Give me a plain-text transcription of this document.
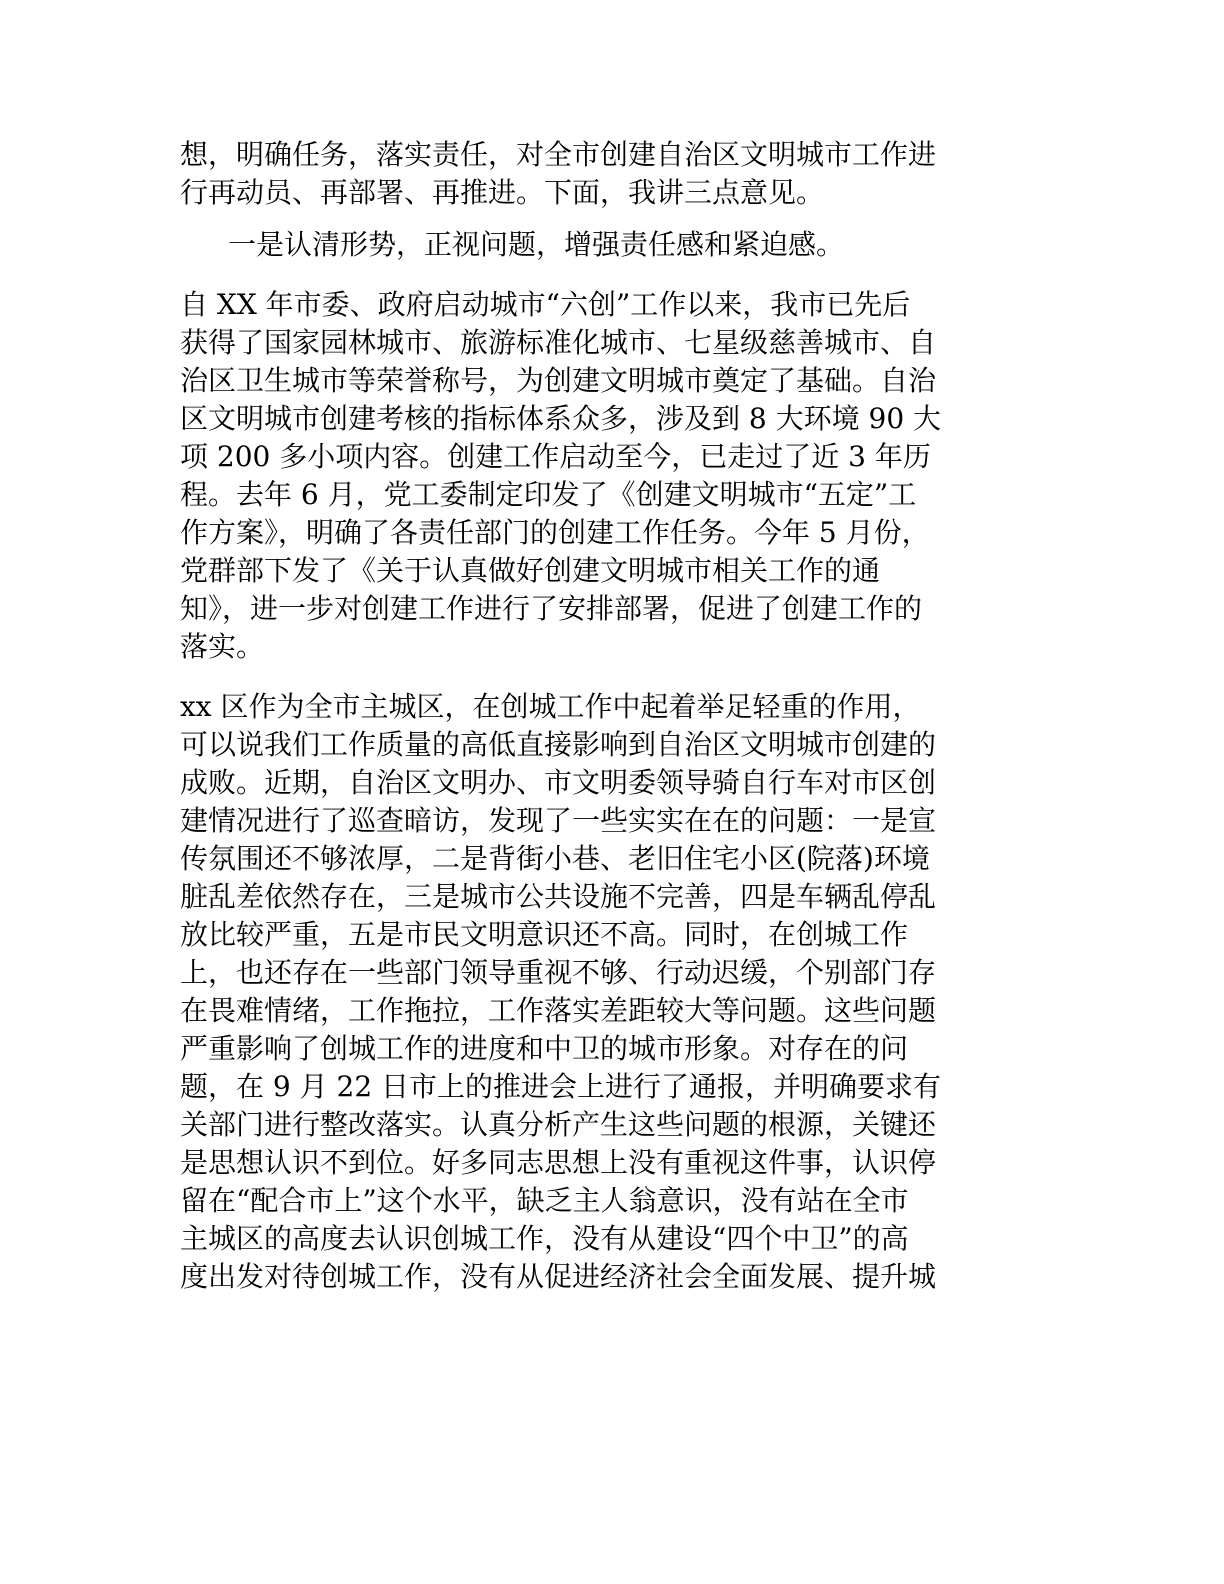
想，明确任务，落实责任，对全市创建自治区文明城市工作进
行再动员、再部署、再推进。下面，我讲三点意见。

一是认清形势，正视问题，增强责任感和紧迫感。

自 XX 年市委、政府启动城市“六创”工作以来，我市已先后
获得了国家园林城市、旅游标准化城市、七星级慈善城市、自
治区卫生城市等荣誉称号，为创建文明城市奠定了基础。自治
区文明城市创建考核的指标体系众多，涉及到 8 大环境 90 大
项 200 多小项内容。创建工作启动至今，已走过了近 3 年历
程。去年 6 月，党工委制定印发了《创建文明城市“五定”工
作方案》，明确了各责任部门的创建工作任务。今年 5 月份，
党群部下发了《关于认真做好创建文明城市相关工作的通
知》，进一步对创建工作进行了安排部署，促进了创建工作的
落实。

xx 区作为全市主城区，在创城工作中起着举足轻重的作用，
可以说我们工作质量的高低直接影响到自治区文明城市创建的
成败。近期，自治区文明办、市文明委领导骑自行车对市区创
建情况进行了巡查暗访，发现了一些实实在在的问题：一是宣
传氛围还不够浓厚，二是背街小巷、老旧住宅小区(院落)环境
脏乱差依然存在，三是城市公共设施不完善，四是车辆乱停乱
放比较严重，五是市民文明意识还不高。同时，在创城工作
上，也还存在一些部门领导重视不够、行动迟缓，个别部门存
在畏难情绪，工作拖拉，工作落实差距较大等问题。这些问题
严重影响了创城工作的进度和中卫的城市形象。对存在的问
题，在 9 月 22 日市上的推进会上进行了通报，并明确要求有
关部门进行整改落实。认真分析产生这些问题的根源，关键还
是思想认识不到位。好多同志思想上没有重视这件事，认识停
留在“配合市上”这个水平，缺乏主人翁意识，没有站在全市
主城区的高度去认识创城工作，没有从建设“四个中卫”的高
度出发对待创城工作，没有从促进经济社会全面发展、提升城
